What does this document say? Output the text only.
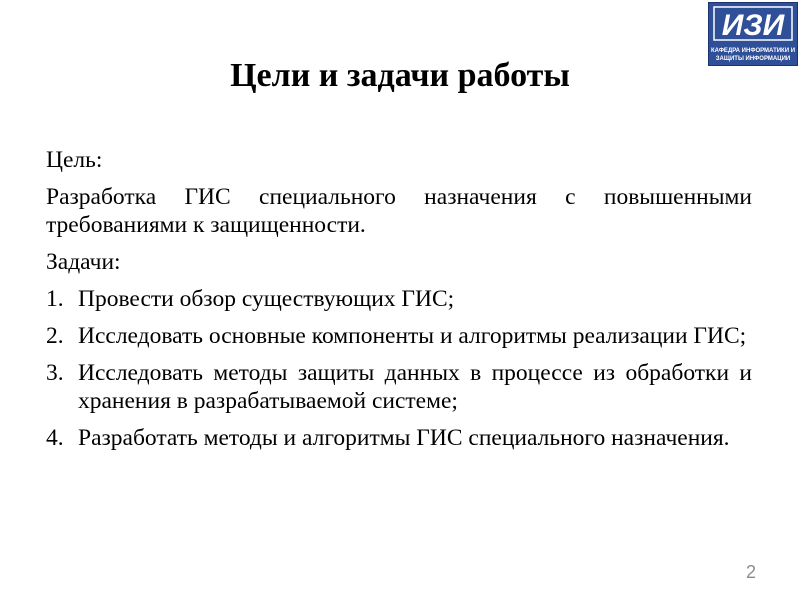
ИЗИ
КАФЕДРА ИНФОРМАТИКИ И
ЗАЩИТЫ ИНФОРМАЦИИ
Цели и задачи работы

Цель:

Разработка ГИС специального назначения с повышенными требованиями к защищенности.

Задачи:

1. Провести обзор существующих ГИС;
2. Исследовать основные компоненты и алгоритмы реализации ГИС;
3. Исследовать методы защиты данных в процессе из обработки и хранения в разрабатываемой системе;
4. Разработать методы и алгоритмы ГИС специального назначения.
2
